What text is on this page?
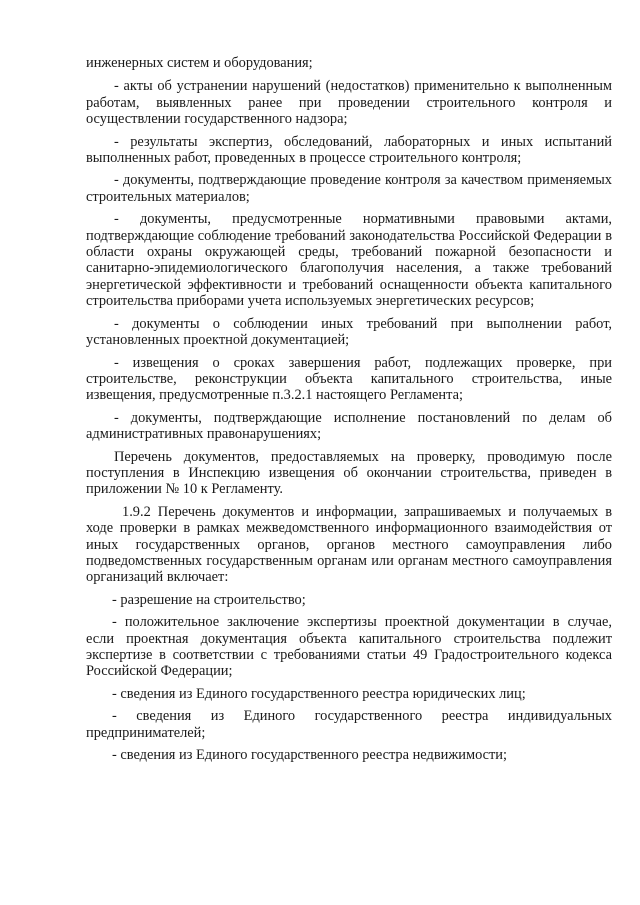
инженерных систем и оборудования;

- акты об устранении нарушений (недостатков) применительно к выполненным работам, выявленных ранее при проведении строительного контроля и осуществлении государственного надзора;

- результаты экспертиз, обследований, лабораторных и иных испытаний выполненных работ, проведенных в процессе строительного контроля;

- документы, подтверждающие проведение контроля за качеством применяемых строительных материалов;

- документы, предусмотренные нормативными правовыми актами, подтверждающие соблюдение требований законодательства Российской Федерации в области охраны окружающей среды, требований пожарной безопасности и санитарно-эпидемиологического благополучия населения, а также требований энергетической эффективности и требований оснащенности объекта капитального строительства приборами учета используемых энергетических ресурсов;

- документы о соблюдении иных требований при выполнении работ, установленных проектной документацией;

- извещения о сроках завершения работ, подлежащих проверке, при строительстве, реконструкции объекта капитального строительства, иные извещения, предусмотренные п.3.2.1 настоящего Регламента;

- документы, подтверждающие исполнение постановлений по делам об административных правонарушениях;

Перечень документов, предоставляемых на проверку, проводимую после поступления в Инспекцию извещения об окончании строительства, приведен в приложении № 10 к Регламенту.

1.9.2 Перечень документов и информации, запрашиваемых и получаемых в ходе проверки в рамках межведомственного информационного взаимодействия от иных государственных органов, органов местного самоуправления либо подведомственных государственным органам или органам местного самоуправления организаций включает:

- разрешение на строительство;

- положительное заключение экспертизы проектной документации в случае, если проектная документация объекта капитального строительства подлежит экспертизе в соответствии с требованиями статьи 49 Градостроительного кодекса Российской Федерации;

- сведения из Единого государственного реестра юридических лиц;

- сведения из Единого государственного реестра индивидуальных предпринимателей;

- сведения из Единого государственного реестра недвижимости;
